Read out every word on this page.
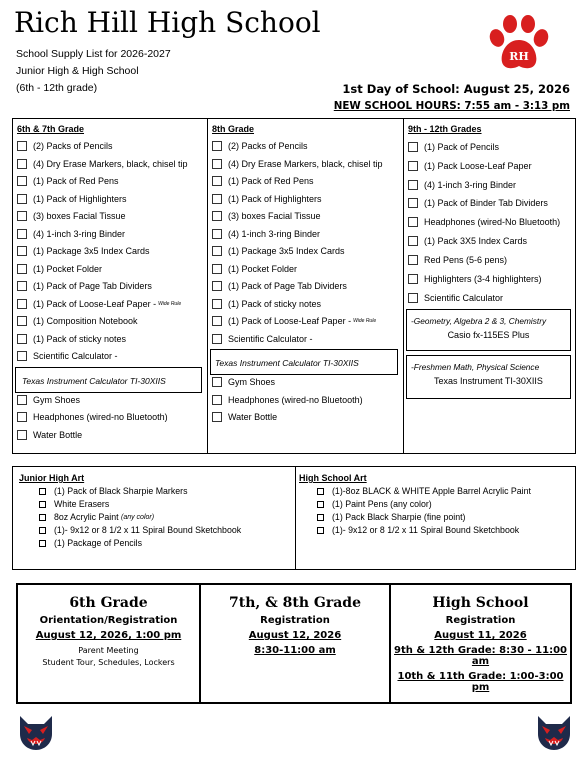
Rich Hill High School
School Supply List for 2026-2027
Junior High & High School
(6th - 12th grade)
RH
1st Day of School: August 25, 2026
NEW SCHOOL HOURS: 7:55 am - 3:13 pm
6th & 7th Grade
(2) Packs of Pencils
(4) Dry Erase Markers, black, chisel tip
(1) Pack of Red Pens
(1) Pack of Highlighters
(3) boxes Facial Tissue
(4) 1-inch 3-ring Binder
(1) Package 3x5 Index Cards
(1) Pocket Folder
(1) Pack of Page Tab Dividers
(1) Pack of Loose-Leaf Paper - Wide Rule
(1) Composition Notebook
(1) Pack of sticky notes
Scientific Calculator -
Texas Instrument Calculator TI-30XIIS
Gym Shoes
Headphones (wired-no Bluetooth)
Water Bottle
8th Grade
(2) Packs of Pencils
(4) Dry Erase Markers, black, chisel tip
(1) Pack of Red Pens
(1) Pack of Highlighters
(3) boxes Facial Tissue
(4) 1-inch 3-ring Binder
(1) Package 3x5 Index Cards
(1) Pocket Folder
(1) Pack of Page Tab Dividers
(1) Pack of sticky notes
(1) Pack of Loose-Leaf Paper - Wide Rule
Scientific Calculator -
Texas Instrument Calculator TI-30XIIS
Gym Shoes
Headphones (wired-no Bluetooth)
Water Bottle
9th - 12th Grades
(1) Pack of Pencils
(1) Pack Loose-Leaf Paper
(4) 1-inch 3-ring Binder
(1) Pack of Binder Tab Dividers
Headphones (wired-No Bluetooth)
(1) Pack 3X5 Index Cards
Red Pens (5-6 pens)
Highlighters (3-4 highlighters)
Scientific Calculator
-Geometry, Algebra 2 & 3, Chemistry
Casio fx-115ES Plus
-Freshmen Math, Physical Science
Texas Instrument TI-30XIIS
Junior High Art
(1) Pack of Black Sharpie Markers
White Erasers
8oz Acrylic Paint
(any color)
(1)- 9x12 or 8 1/2 x 11 Spiral Bound Sketchbook
(1) Package of Pencils
High School Art
(1)-8oz BLACK & WHITE Apple Barrel Acrylic Paint
(1) Paint Pens (any color)
(1) Pack Black Sharpie (fine point)
(1)- 9x12 or 8 1/2 x 11 Spiral Bound Sketchbook
6th Grade
Orientation/Registration
August 12, 2026, 1:00 pm
Parent Meeting
Student Tour, Schedules, Lockers
7th, & 8th Grade
Registration
August 12, 2026
8:30-11:00 am
High School
Registration
August 11, 2026
9th & 12th Grade: 8:30 - 11:00 am
10th & 11th Grade: 1:00-3:00 pm
